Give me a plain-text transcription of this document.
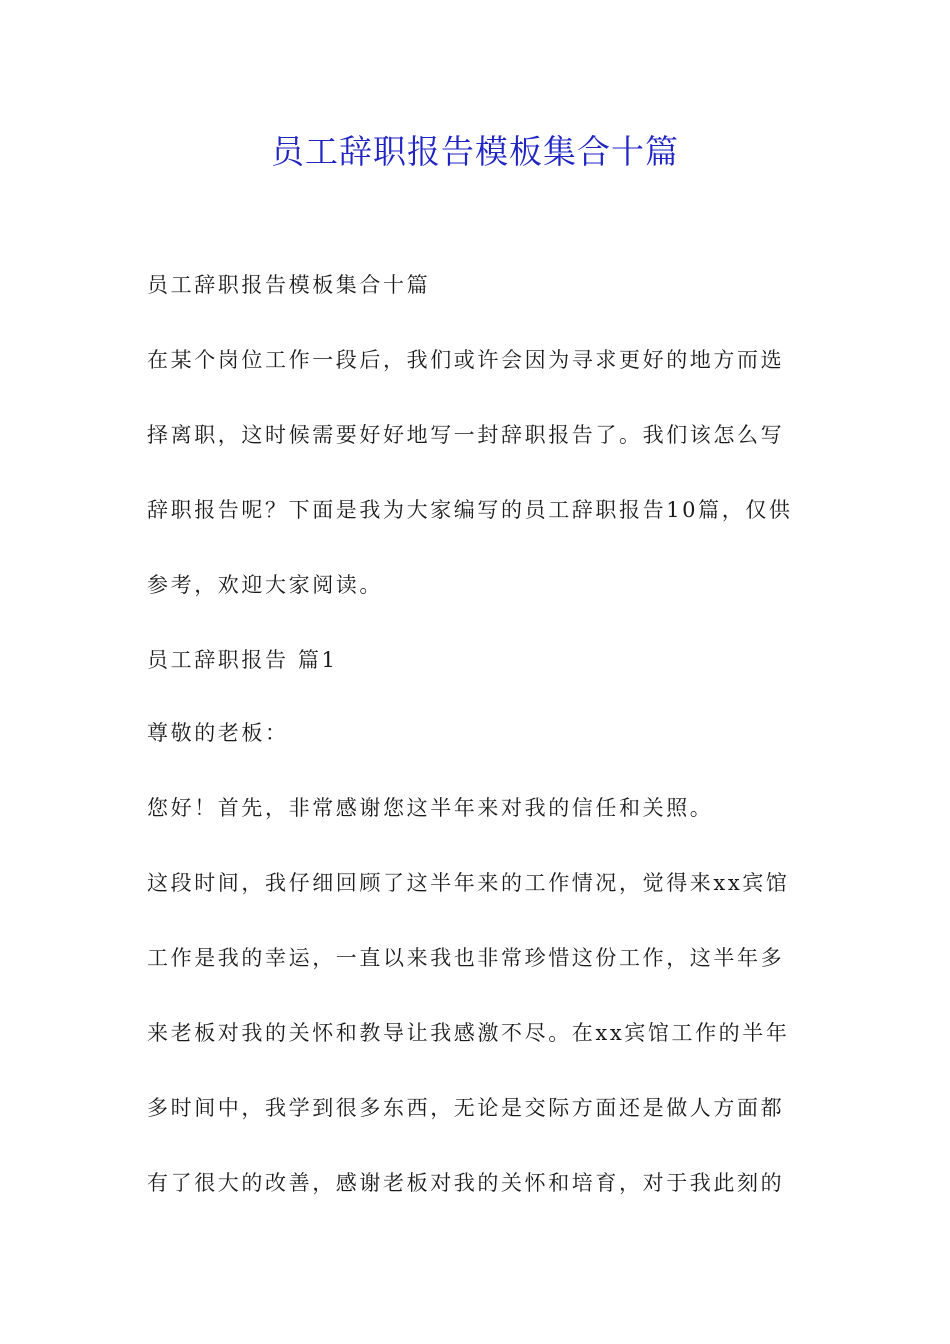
员工辞职报告模板集合十篇
员工辞职报告模板集合十篇
在某个岗位工作一段后，我们或许会因为寻求更好的地方而选
择离职，这时候需要好好地写一封辞职报告了。我们该怎么写
辞职报告呢？下面是我为大家编写的员工辞职报告10篇，仅供
参考，欢迎大家阅读。
员工辞职报告 篇1
尊敬的老板：
您好！首先，非常感谢您这半年来对我的信任和关照。
这段时间，我仔细回顾了这半年来的工作情况，觉得来xx宾馆
工作是我的幸运，一直以来我也非常珍惜这份工作，这半年多
来老板对我的关怀和教导让我感激不尽。在xx宾馆工作的半年
多时间中，我学到很多东西，无论是交际方面还是做人方面都
有了很大的改善，感谢老板对我的关怀和培育，对于我此刻的
